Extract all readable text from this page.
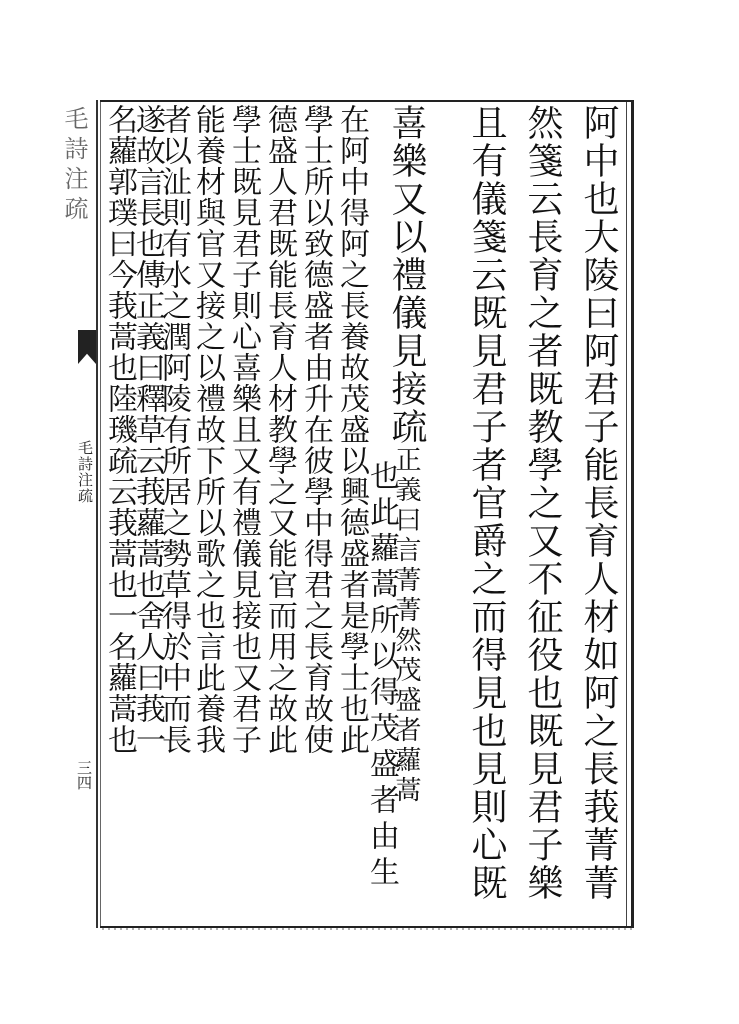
毛詩注疏
毛詩注疏
三四	阿中也大陵曰阿君子能長育人材如阿之長莪菁菁
然箋云長育之者既教學之又不征役也既見君子樂
且有儀箋云既見君子者官爵之而得見也見則心既
喜樂又以禮儀見接疏正義曰言菁菁然茂盛者蘿蒿
也此蘿蒿所以得茂盛者由生
在阿中得阿之長養故茂盛以興德盛者是學士也此
學士所以致德盛者由升在彼學中得君之長育故使
德盛人君既能長育人材教學之又能官而用之故此
學士既見君子則心喜樂且又有禮儀見接也又君子
能養材與官又接之以禮故下所以歌之也言此養我
者以沚則有水之潤阿陵有所居之勢草得於中而長
遂故言長也傳正義曰釋草云莪蘿蒿也舍人曰莪一
名蘿郭璞曰今莪蒿也陸璣疏云莪蒿也一名蘿蒿也
